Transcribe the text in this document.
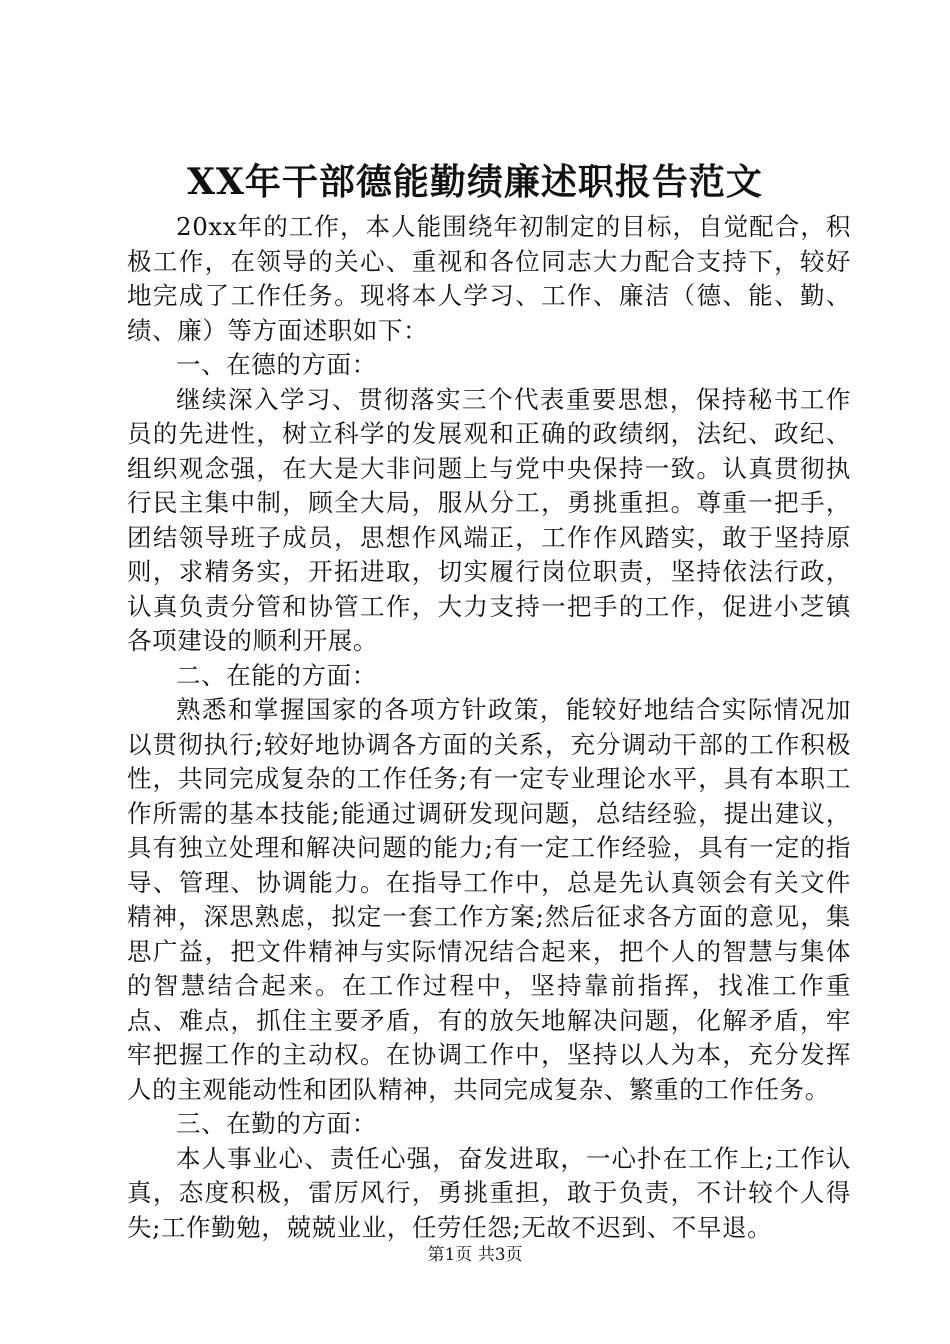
XX年干部德能勤绩廉述职报告范文

20xx年的工作，本人能围绕年初制定的目标，自觉配合，积极工作，在领导的关心、重视和各位同志大力配合支持下，较好地完成了工作任务。现将本人学习、工作、廉洁（德、能、勤、绩、廉）等方面述职如下：

一、在德的方面：

继续深入学习、贯彻落实三个代表重要思想，保持秘书工作员的先进性，树立科学的发展观和正确的政绩纲，法纪、政纪、组织观念强，在大是大非问题上与党中央保持一致。认真贯彻执行民主集中制，顾全大局，服从分工，勇挑重担。尊重一把手，团结领导班子成员，思想作风端正，工作作风踏实，敢于坚持原则，求精务实，开拓进取，切实履行岗位职责，坚持依法行政，认真负责分管和协管工作，大力支持一把手的工作，促进小芝镇各项建设的顺利开展。

二、在能的方面：

熟悉和掌握国家的各项方针政策，能较好地结合实际情况加以贯彻执行;较好地协调各方面的关系，充分调动干部的工作积极性，共同完成复杂的工作任务;有一定专业理论水平，具有本职工作所需的基本技能;能通过调研发现问题，总结经验，提出建议，具有独立处理和解决问题的能力;有一定工作经验，具有一定的指导、管理、协调能力。在指导工作中，总是先认真领会有关文件精神，深思熟虑，拟定一套工作方案;然后征求各方面的意见，集思广益，把文件精神与实际情况结合起来，把个人的智慧与集体的智慧结合起来。在工作过程中，坚持靠前指挥，找准工作重点、难点，抓住主要矛盾，有的放矢地解决问题，化解矛盾，牢牢把握工作的主动权。在协调工作中，坚持以人为本，充分发挥人的主观能动性和团队精神，共同完成复杂、繁重的工作任务。

三、在勤的方面：

本人事业心、责任心强，奋发进取，一心扑在工作上;工作认真，态度积极，雷厉风行，勇挑重担，敢于负责，不计较个人得失;工作勤勉，兢兢业业，任劳任怨;无故不迟到、不早退。

第1页 共3页
